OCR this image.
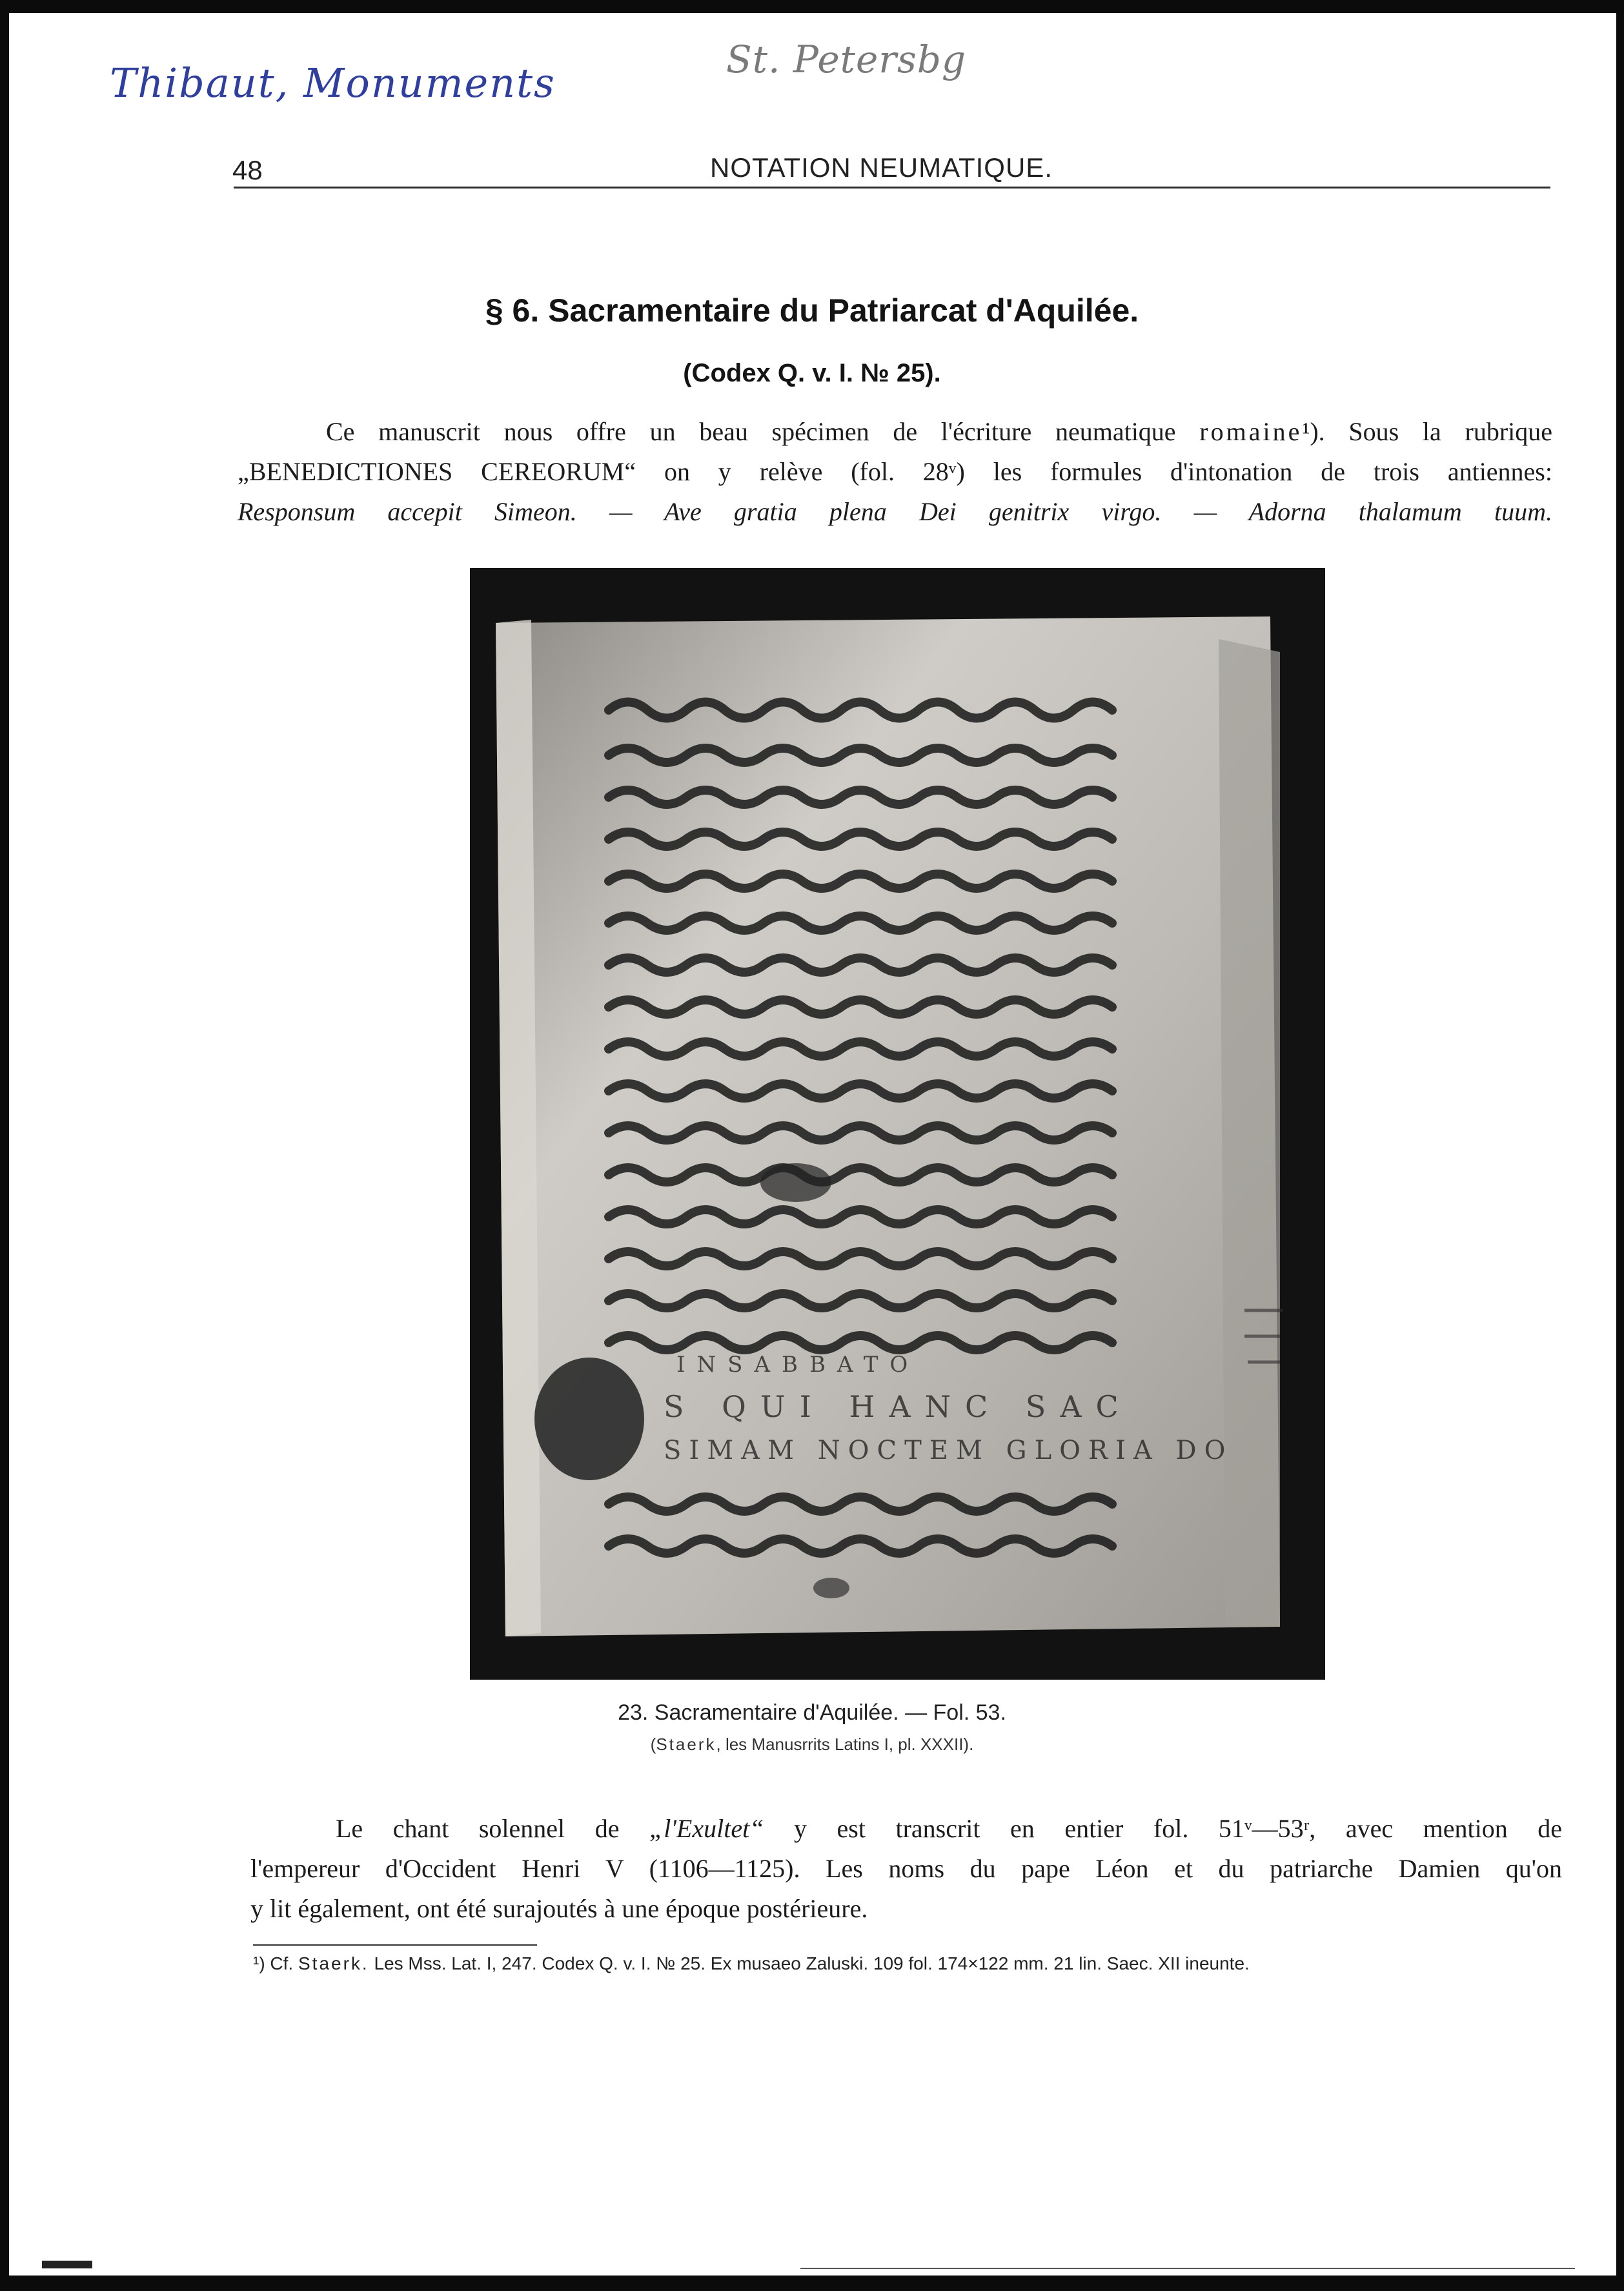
Thibaut, Monuments	St. Petersbg
48	NOTATION NEUMATIQUE.
§ 6. Sacramentaire du Patriarcat d'Aquilée.
(Codex Q. v. I. № 25).
Ce manuscrit nous offre un beau spécimen de l'écriture neumatique romaine¹). Sous la rubrique
„BENEDICTIONES CEREORUM“ on y relève (fol. 28ᵛ) les formules d'intonation de trois antiennes:
Responsum accepit Simeon. — Ave gratia plena Dei genitrix virgo. — Adorna thalamum tuum.
INSABBATO
S QUI HANC SAC
SIMAM NOCTEM GLORIA DO
23. Sacramentaire d'Aquilée. — Fol. 53.
(Staerk, les Manusrrits Latins I, pl. XXXII).
Le chant solennel de „l'Exultet“ y est transcrit en entier fol. 51ᵛ—53ʳ, avec mention de
l'empereur d'Occident Henri V (1106—1125). Les noms du pape Léon et du patriarche Damien qu'on
y lit également, ont été surajoutés à une époque postérieure.
¹) Cf. Staerk. Les Mss. Lat. I, 247. Codex Q. v. I. № 25. Ex musaeo Zaluski. 109 fol. 174×122 mm. 21 lin. Saec. XII ineunte.
